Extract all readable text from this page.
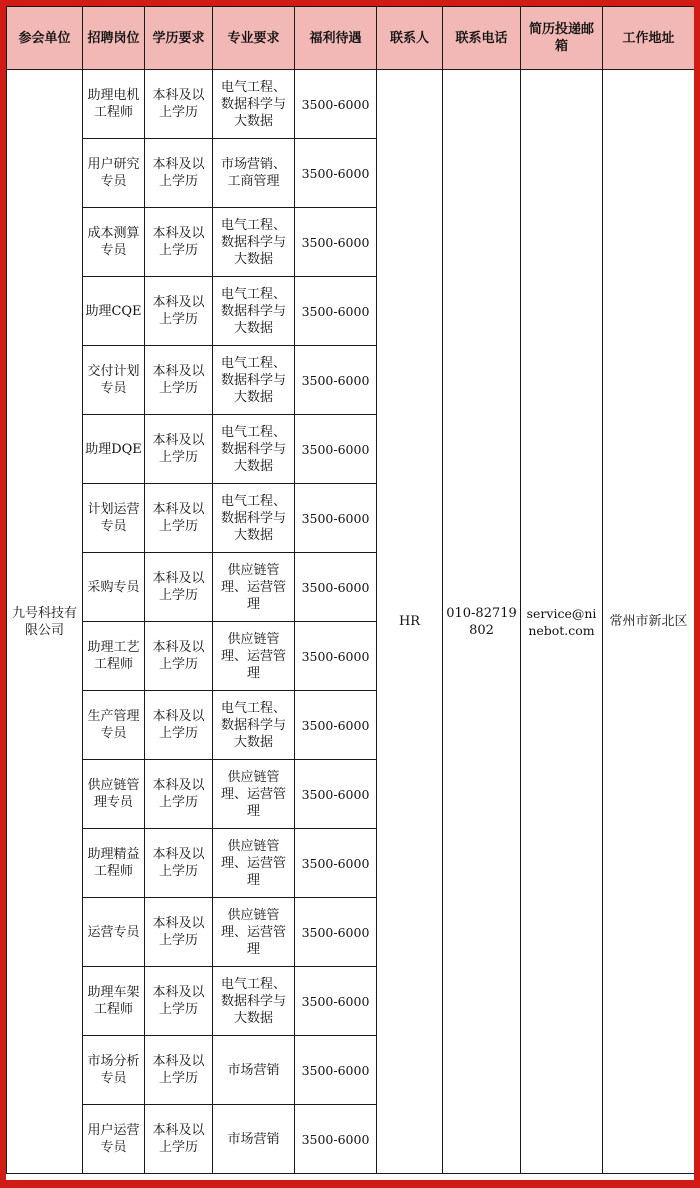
参会单位	招聘岗位	学历要求	专业要求	福利待遇	联系人	联系电话	简历投递邮箱	工作地址
九号科技有限公司	助理电机工程师	本科及以上学历	电气工程、数据科学与大数据	3500-6000	HR	010-82719802	service@ninebot.com	常州市新北区
	用户研究专员	本科及以上学历	市场营销、工商管理	3500-6000				
	成本测算专员	本科及以上学历	电气工程、数据科学与大数据	3500-6000				
	助理CQE	本科及以上学历	电气工程、数据科学与大数据	3500-6000				
	交付计划专员	本科及以上学历	电气工程、数据科学与大数据	3500-6000				
	助理DQE	本科及以上学历	电气工程、数据科学与大数据	3500-6000				
	计划运营专员	本科及以上学历	电气工程、数据科学与大数据	3500-6000				
	采购专员	本科及以上学历	供应链管理、运营管理	3500-6000				
	助理工艺工程师	本科及以上学历	供应链管理、运营管理	3500-6000				
	生产管理专员	本科及以上学历	电气工程、数据科学与大数据	3500-6000				
	供应链管理专员	本科及以上学历	供应链管理、运营管理	3500-6000				
	助理精益工程师	本科及以上学历	供应链管理、运营管理	3500-6000				
	运营专员	本科及以上学历	供应链管理、运营管理	3500-6000				
	助理车架工程师	本科及以上学历	电气工程、数据科学与大数据	3500-6000				
	市场分析专员	本科及以上学历	市场营销	3500-6000				
	用户运营专员	本科及以上学历	市场营销	3500-6000				
